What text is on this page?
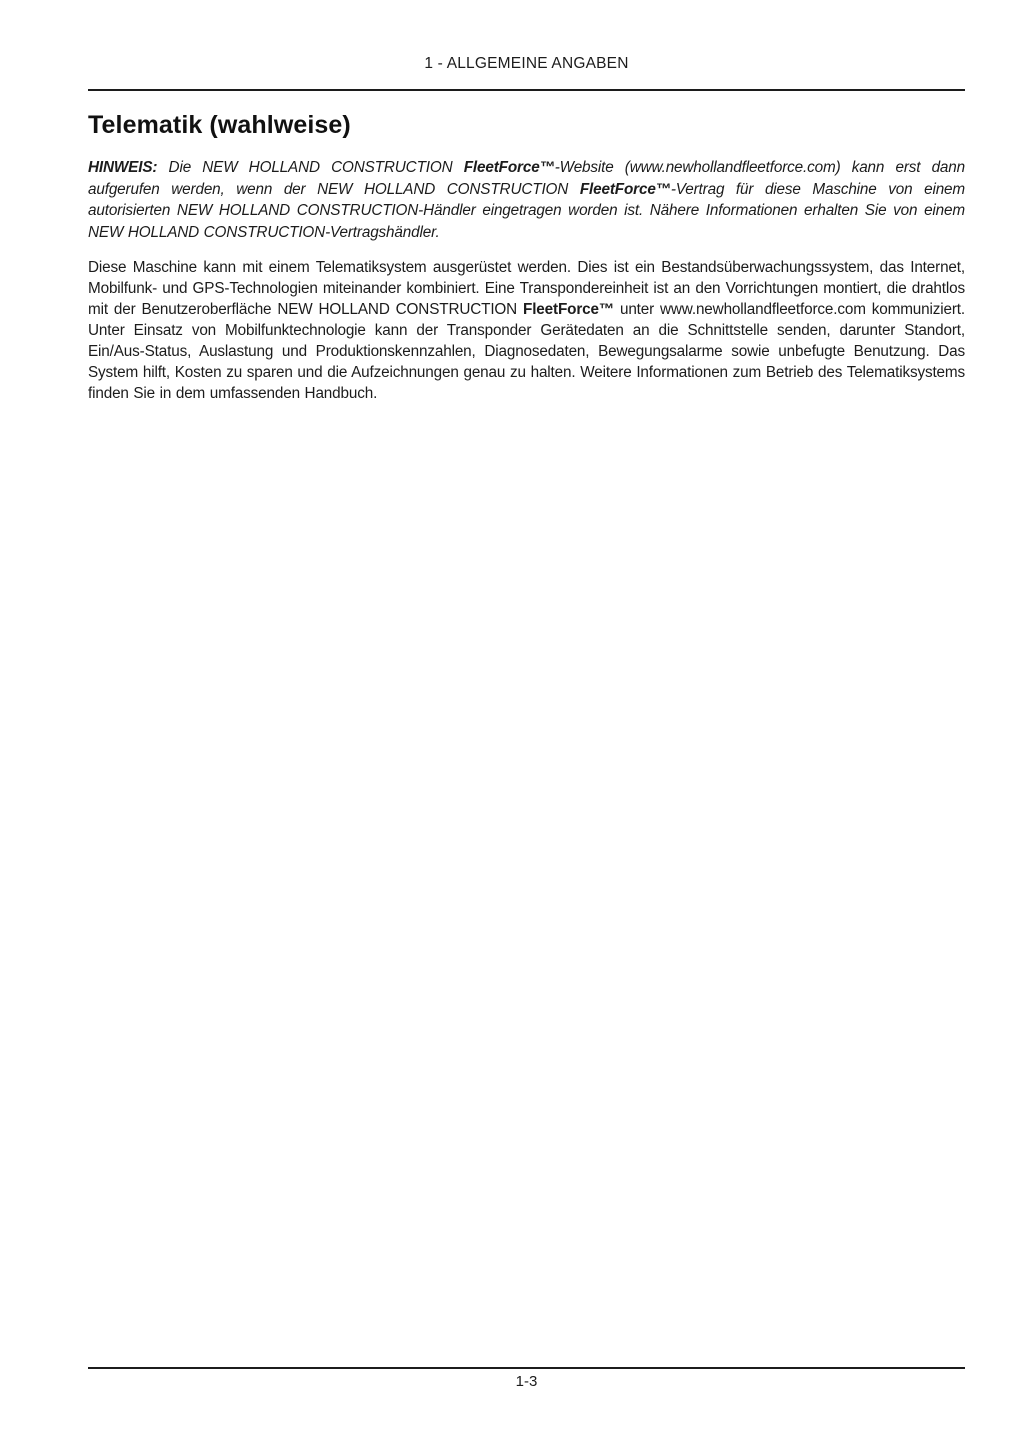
1 - ALLGEMEINE ANGABEN
Telematik (wahlweise)

HINWEIS: Die NEW HOLLAND CONSTRUCTION FleetForce™-Website (www.newhollandfleetforce.com) kann erst dann aufgerufen werden, wenn der NEW HOLLAND CONSTRUCTION FleetForce™-Vertrag für diese Maschine von einem autorisierten NEW HOLLAND CONSTRUCTION-Händler eingetragen worden ist. Nähere Informationen erhalten Sie von einem NEW HOLLAND CONSTRUCTION-Vertragshändler.

Diese Maschine kann mit einem Telematiksystem ausgerüstet werden. Dies ist ein Bestandsüberwachungssystem, das Internet, Mobilfunk- und GPS-Technologien miteinander kombiniert. Eine Transpondereinheit ist an den Vorrichtungen montiert, die drahtlos mit der Benutzeroberfläche NEW HOLLAND CONSTRUCTION FleetForce™ unter www.newhollandfleetforce.com kommuniziert. Unter Einsatz von Mobilfunktechnologie kann der Transponder Gerätedaten an die Schnittstelle senden, darunter Standort, Ein/Aus-Status, Auslastung und Produktionskennzahlen, Diagnosedaten, Bewegungsalarme sowie unbefugte Benutzung. Das System hilft, Kosten zu sparen und die Aufzeichnungen genau zu halten. Weitere Informationen zum Betrieb des Telematiksystems finden Sie in dem umfassenden Handbuch.

1-3
